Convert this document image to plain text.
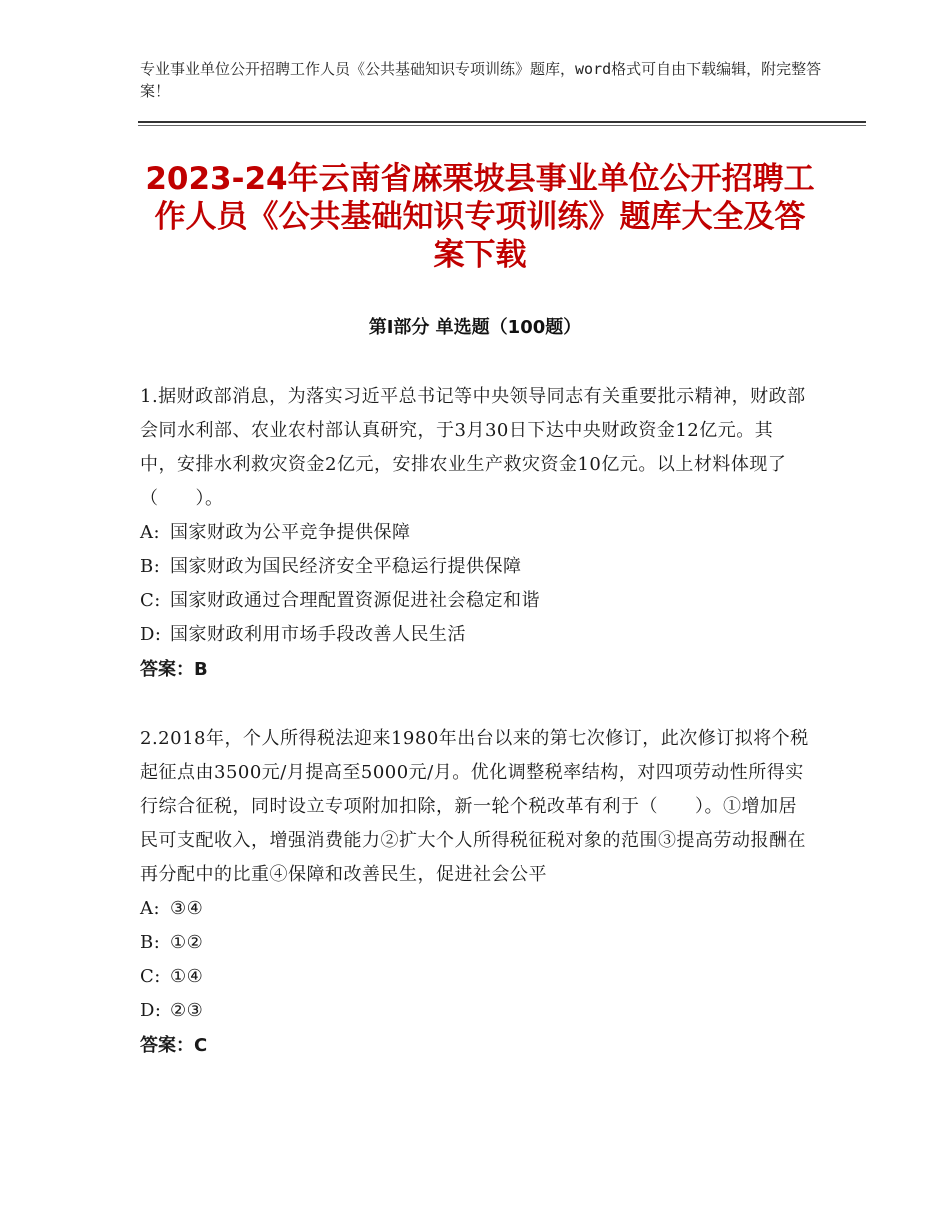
专业事业单位公开招聘工作人员《公共基础知识专项训练》题库，word格式可自由下载编辑，附完整答案！
2023-24年云南省麻栗坡县事业单位公开招聘工作人员《公共基础知识专项训练》题库大全及答案下载
第Ⅰ部分 单选题（100题）

1.据财政部消息，为落实习近平总书记等中央领导同志有关重要批示精神，财政部会同水利部、农业农村部认真研究，于3月30日下达中央财政资金12亿元。其中，安排水利救灾资金2亿元，安排农业生产救灾资金10亿元。以上材料体现了（　　）。

A: 国家财政为公平竞争提供保障
B: 国家财政为国民经济安全平稳运行提供保障
C: 国家财政通过合理配置资源促进社会稳定和谐
D: 国家财政利用市场手段改善人民生活
答案：B

2.2018年，个人所得税法迎来1980年出台以来的第七次修订，此次修订拟将个税起征点由3500元/月提高至5000元/月。优化调整税率结构，对四项劳动性所得实行综合征税，同时设立专项附加扣除，新一轮个税改革有利于（　　）。①增加居民可支配收入，增强消费能力②扩大个人所得税征税对象的范围③提高劳动报酬在再分配中的比重④保障和改善民生，促进社会公平

A: ③④
B: ①②
C: ①④
D: ②③
答案：C
